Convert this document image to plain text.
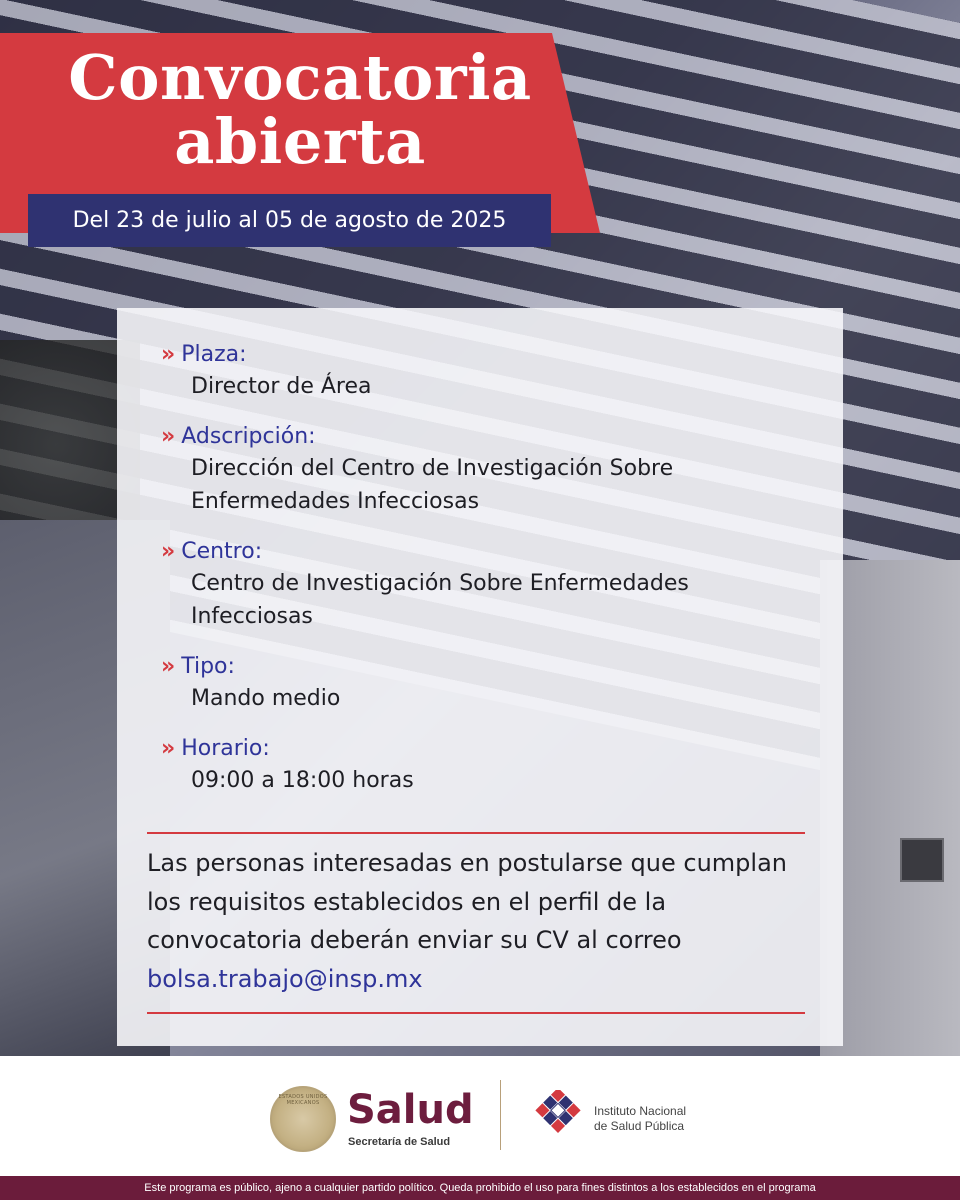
Convocatoria
abierta
Del 23 de julio al 05 de agosto de 2025
» Plaza:
Director de Área
» Adscripción:
Dirección del Centro de Investigación Sobre Enfermedades Infecciosas
» Centro:
Centro de Investigación Sobre Enfermedades Infecciosas
» Tipo:
Mando medio
» Horario:
09:00 a 18:00 horas

Las personas interesadas en postularse que cumplan los requisitos establecidos en el perfil de la convocatoria deberán enviar su CV al correo bolsa.trabajo@insp.mx

ESTADOS UNIDOS MEXICANOS Salud
Secretaría de Salud
Instituto Nacional
de Salud Pública
Este programa es público, ajeno a cualquier partido político. Queda prohibido el uso para fines distintos a los establecidos en el programa
